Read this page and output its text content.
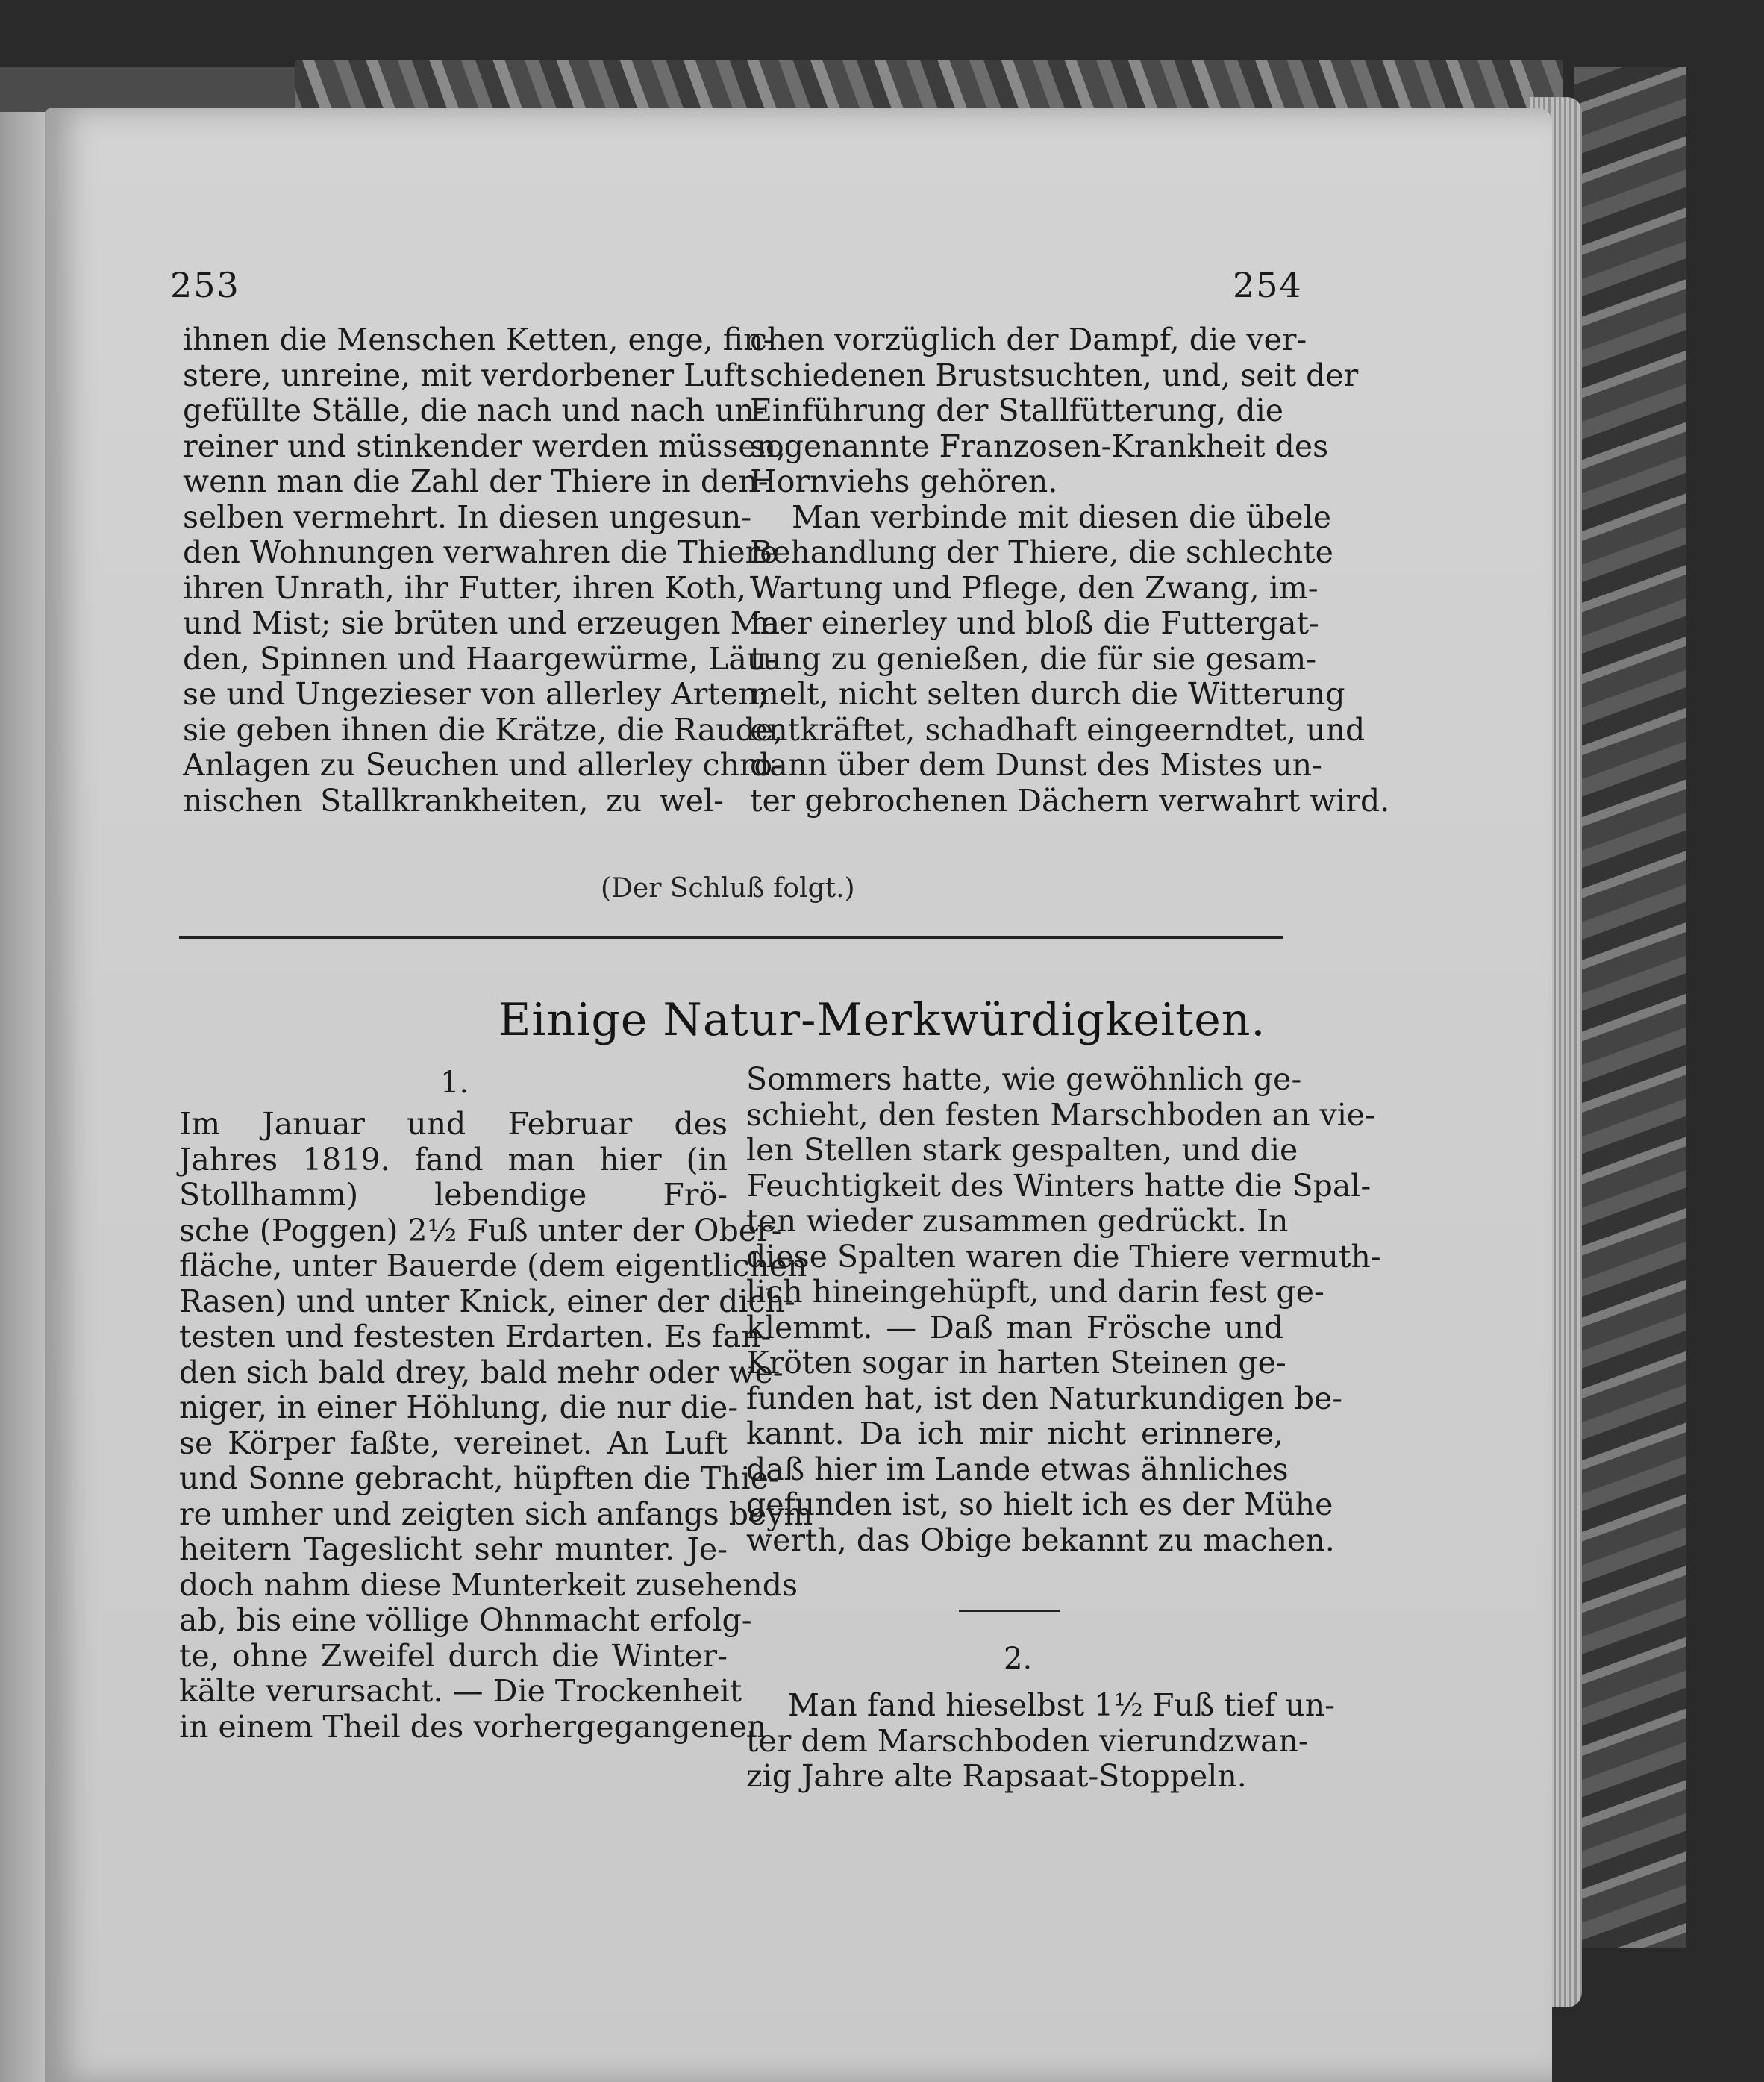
253	254
ihnen die Menschen Ketten, enge, fin-
stere, unreine, mit verdorbener Luft
gefüllte Ställe, die nach und nach un-
reiner und stinkender werden müssen,
wenn man die Zahl der Thiere in den-
selben vermehrt. In diesen ungesun-
den Wohnungen verwahren die Thiere
ihren Unrath, ihr Futter, ihren Koth,
und Mist; sie brüten und erzeugen Ma-
den, Spinnen und Haargewürme, Läu-
se und Ungezieser von allerley Arten;
sie geben ihnen die Krätze, die Raude,
Anlagen zu Seuchen und allerley chro-
nischen Stallkrankheiten, zu wel-
chen vorzüglich der Dampf, die ver-
schiedenen Brustsuchten, und, seit der
Einführung der Stallfütterung, die
sogenannte Franzosen-Krankheit des
Hornviehs gehören.
Man verbinde mit diesen die übele
Behandlung der Thiere, die schlechte
Wartung und Pflege, den Zwang, im-
mer einerley und bloß die Futtergat-
tung zu genießen, die für sie gesam-
melt, nicht selten durch die Witterung
entkräftet, schadhaft eingeerndtet, und
dann über dem Dunst des Mistes un-
ter gebrochenen Dächern verwahrt wird.
(Der Schluß folgt.)
Einige Natur-Merkwürdigkeiten.
1.
Im Januar und Februar des
Jahres 1819. fand man hier (in
Stollhamm) lebendige Frö-
sche (Poggen) 2½ Fuß unter der Ober-
fläche, unter Bauerde (dem eigentlichen
Rasen) und unter Knick, einer der dich-
testen und festesten Erdarten. Es fan-
den sich bald drey, bald mehr oder we-
niger, in einer Höhlung, die nur die-
se Körper faßte, vereinet. An Luft
und Sonne gebracht, hüpften die Thie-
re umher und zeigten sich anfangs beym
heitern Tageslicht sehr munter. Je-
doch nahm diese Munterkeit zusehends
ab, bis eine völlige Ohnmacht erfolg-
te, ohne Zweifel durch die Winter-
kälte verursacht. — Die Trockenheit
in einem Theil des vorhergegangenen
Sommers hatte, wie gewöhnlich ge-
schieht, den festen Marschboden an vie-
len Stellen stark gespalten, und die
Feuchtigkeit des Winters hatte die Spal-
ten wieder zusammen gedrückt. In
diese Spalten waren die Thiere vermuth-
lich hineingehüpft, und darin fest ge-
klemmt. — Daß man Frösche und
Kröten sogar in harten Steinen ge-
funden hat, ist den Naturkundigen be-
kannt. Da ich mir nicht erinnere,
daß hier im Lande etwas ähnliches
gefunden ist, so hielt ich es der Mühe
werth, das Obige bekannt zu machen.
2.
Man fand hieselbst 1½ Fuß tief un-
ter dem Marschboden vierundzwan-
zig Jahre alte Rapsaat-Stoppeln.
